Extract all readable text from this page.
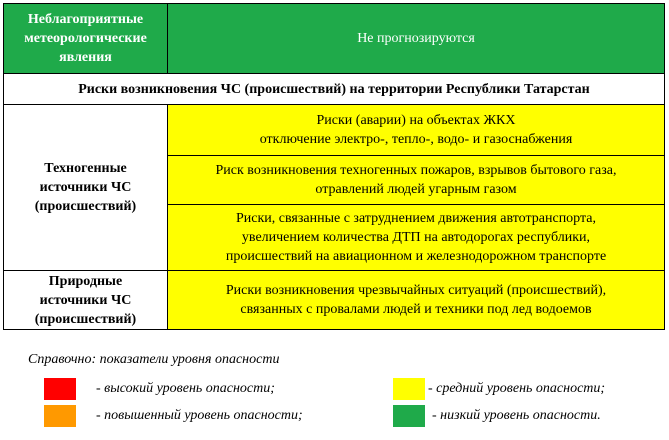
Неблагоприятные
метеорологические
явления	Не прогнозируются
Риски возникновения ЧС (происшествий) на территории Республики Татарстан	

Техногенные
источники ЧС
(происшествий)	Риски (аварии) на объектах ЖКХ
отключение электро-, тепло-, водо- и газоснабжения

	Риск возникновения техногенных пожаров, взрывов бытового газа,
отравлений людей угарным газом

	Риски, связанные с затруднением движения автотранспорта,
увеличением количества ДТП на автодорогах республики,
происшествий на авиационном и железнодорожном транспорте

Природные
источники ЧС
(происшествий)	Риски возникновения чрезвычайных ситуаций (происшествий),
связанных с провалами людей и техники под лед водоемов
Справочно: показатели уровня опасности
- высокий уровень опасности;
- повышенный уровень опасности;
- средний уровень опасности;
- низкий уровень опасности.
